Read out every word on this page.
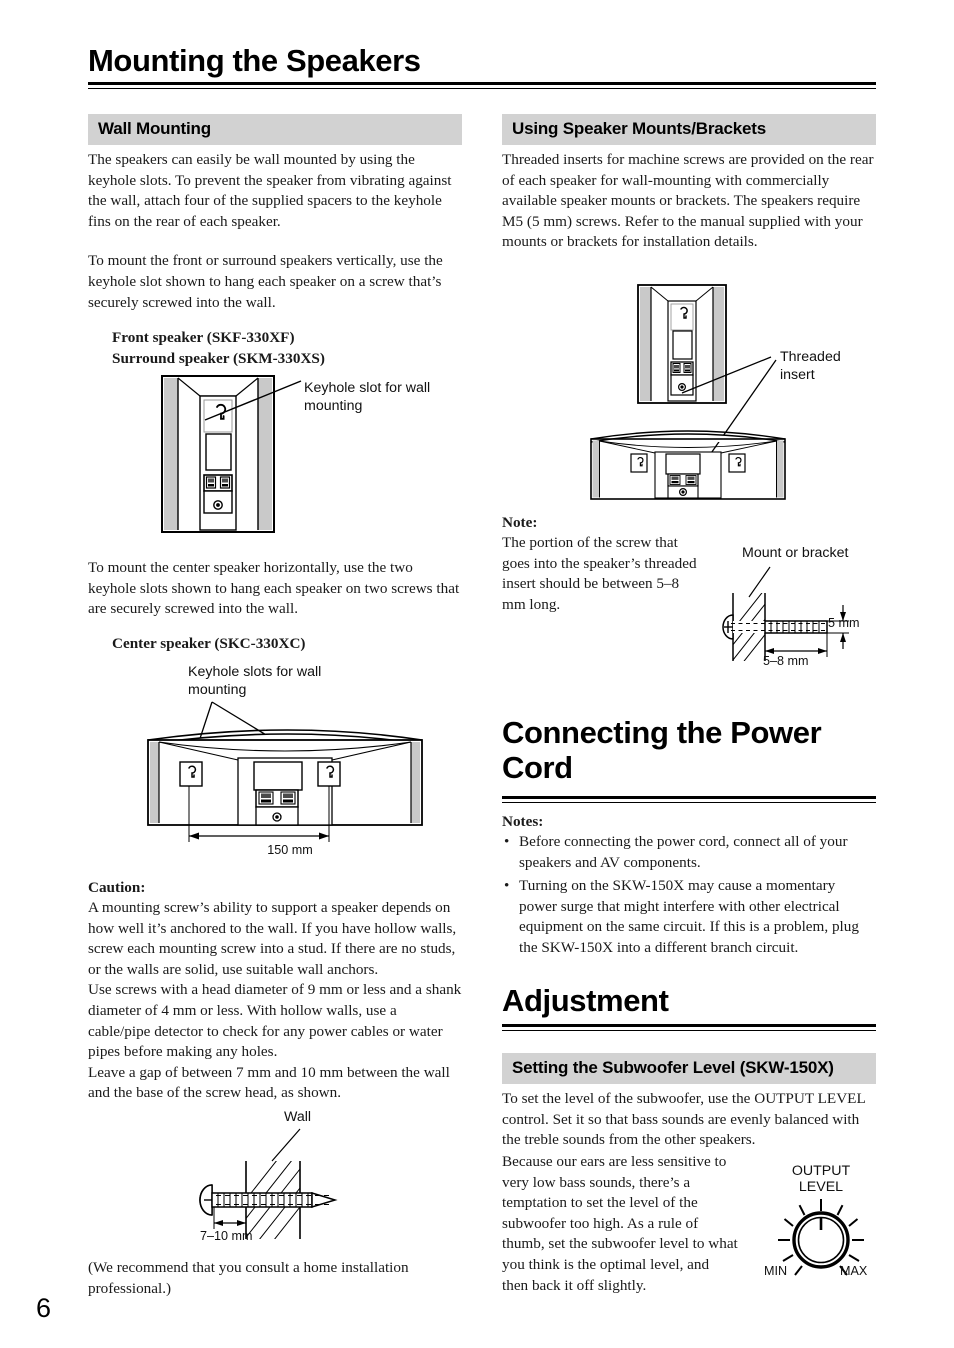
Mounting the Speakers
Wall Mounting

The speakers can easily be wall mounted by using the keyhole slots. To prevent the speaker from vibrating against the wall, attach four of the supplied spacers to the keyhole fins on the rear of each speaker.

To mount the front or surround speakers vertically, use the keyhole slot shown to hang each speaker on a screw that’s securely screwed into the wall.

Front speaker (SKF-330XF)
Surround speaker (SKM-330XS)
Keyhole slot for wall mounting
To mount the center speaker horizontally, use the two keyhole slots shown to hang each speaker on two screws that are securely screwed into the wall.
Center speaker (SKC-330XC)
Keyhole slots for wall mounting
150 mm
Caution:

A mounting screw’s ability to support a speaker depends on how well it’s anchored to the wall. If you have hollow walls, screw each mounting screw into a stud. If there are no studs, or the walls are solid, use suitable wall anchors.

Use screws with a head diameter of 9 mm or less and a shank diameter of 4 mm or less. With hollow walls, use a cable/pipe detector to check for any power cables or water pipes before making any holes.

Leave a gap of between 7 mm and 10 mm between the wall and the base of the screw head, as shown.

Wall
7–10 mm
(We recommend that you consult a home installation professional.)
6
Using Speaker Mounts/Brackets
Threaded inserts for machine screws are provided on the rear of each speaker for wall-mounting with commercially available speaker mounts or brackets. The speakers require M5 (5 mm) screws. Refer to the manual supplied with your mounts or brackets for installation details.
Threaded insert
Note:
The portion of the screw that goes into the speaker’s threaded insert should be between 5–8 mm long.
Mount or bracket
5 mm
5–8 mm
Connecting the Power
Cord
Notes:
• Before connecting the power cord, connect all of your speakers and AV components.
• Turning on the SKW-150X may cause a momentary power surge that might interfere with other electrical equipment on the same circuit. If this is a problem, plug the SKW-150X into a different branch circuit.
Adjustment
Setting the Subwoofer Level (SKW-150X)
To set the level of the subwoofer, use the OUTPUT LEVEL control. Set it so that bass sounds are evenly balanced with the treble sounds from the other speakers.
Because our ears are less sensitive to very low bass sounds, there’s a temptation to set the level of the subwoofer too high. As a rule of thumb, set the subwoofer level to what you think is the optimal level, and then back it off slightly.
OUTPUT
LEVEL
MIN	MAX
